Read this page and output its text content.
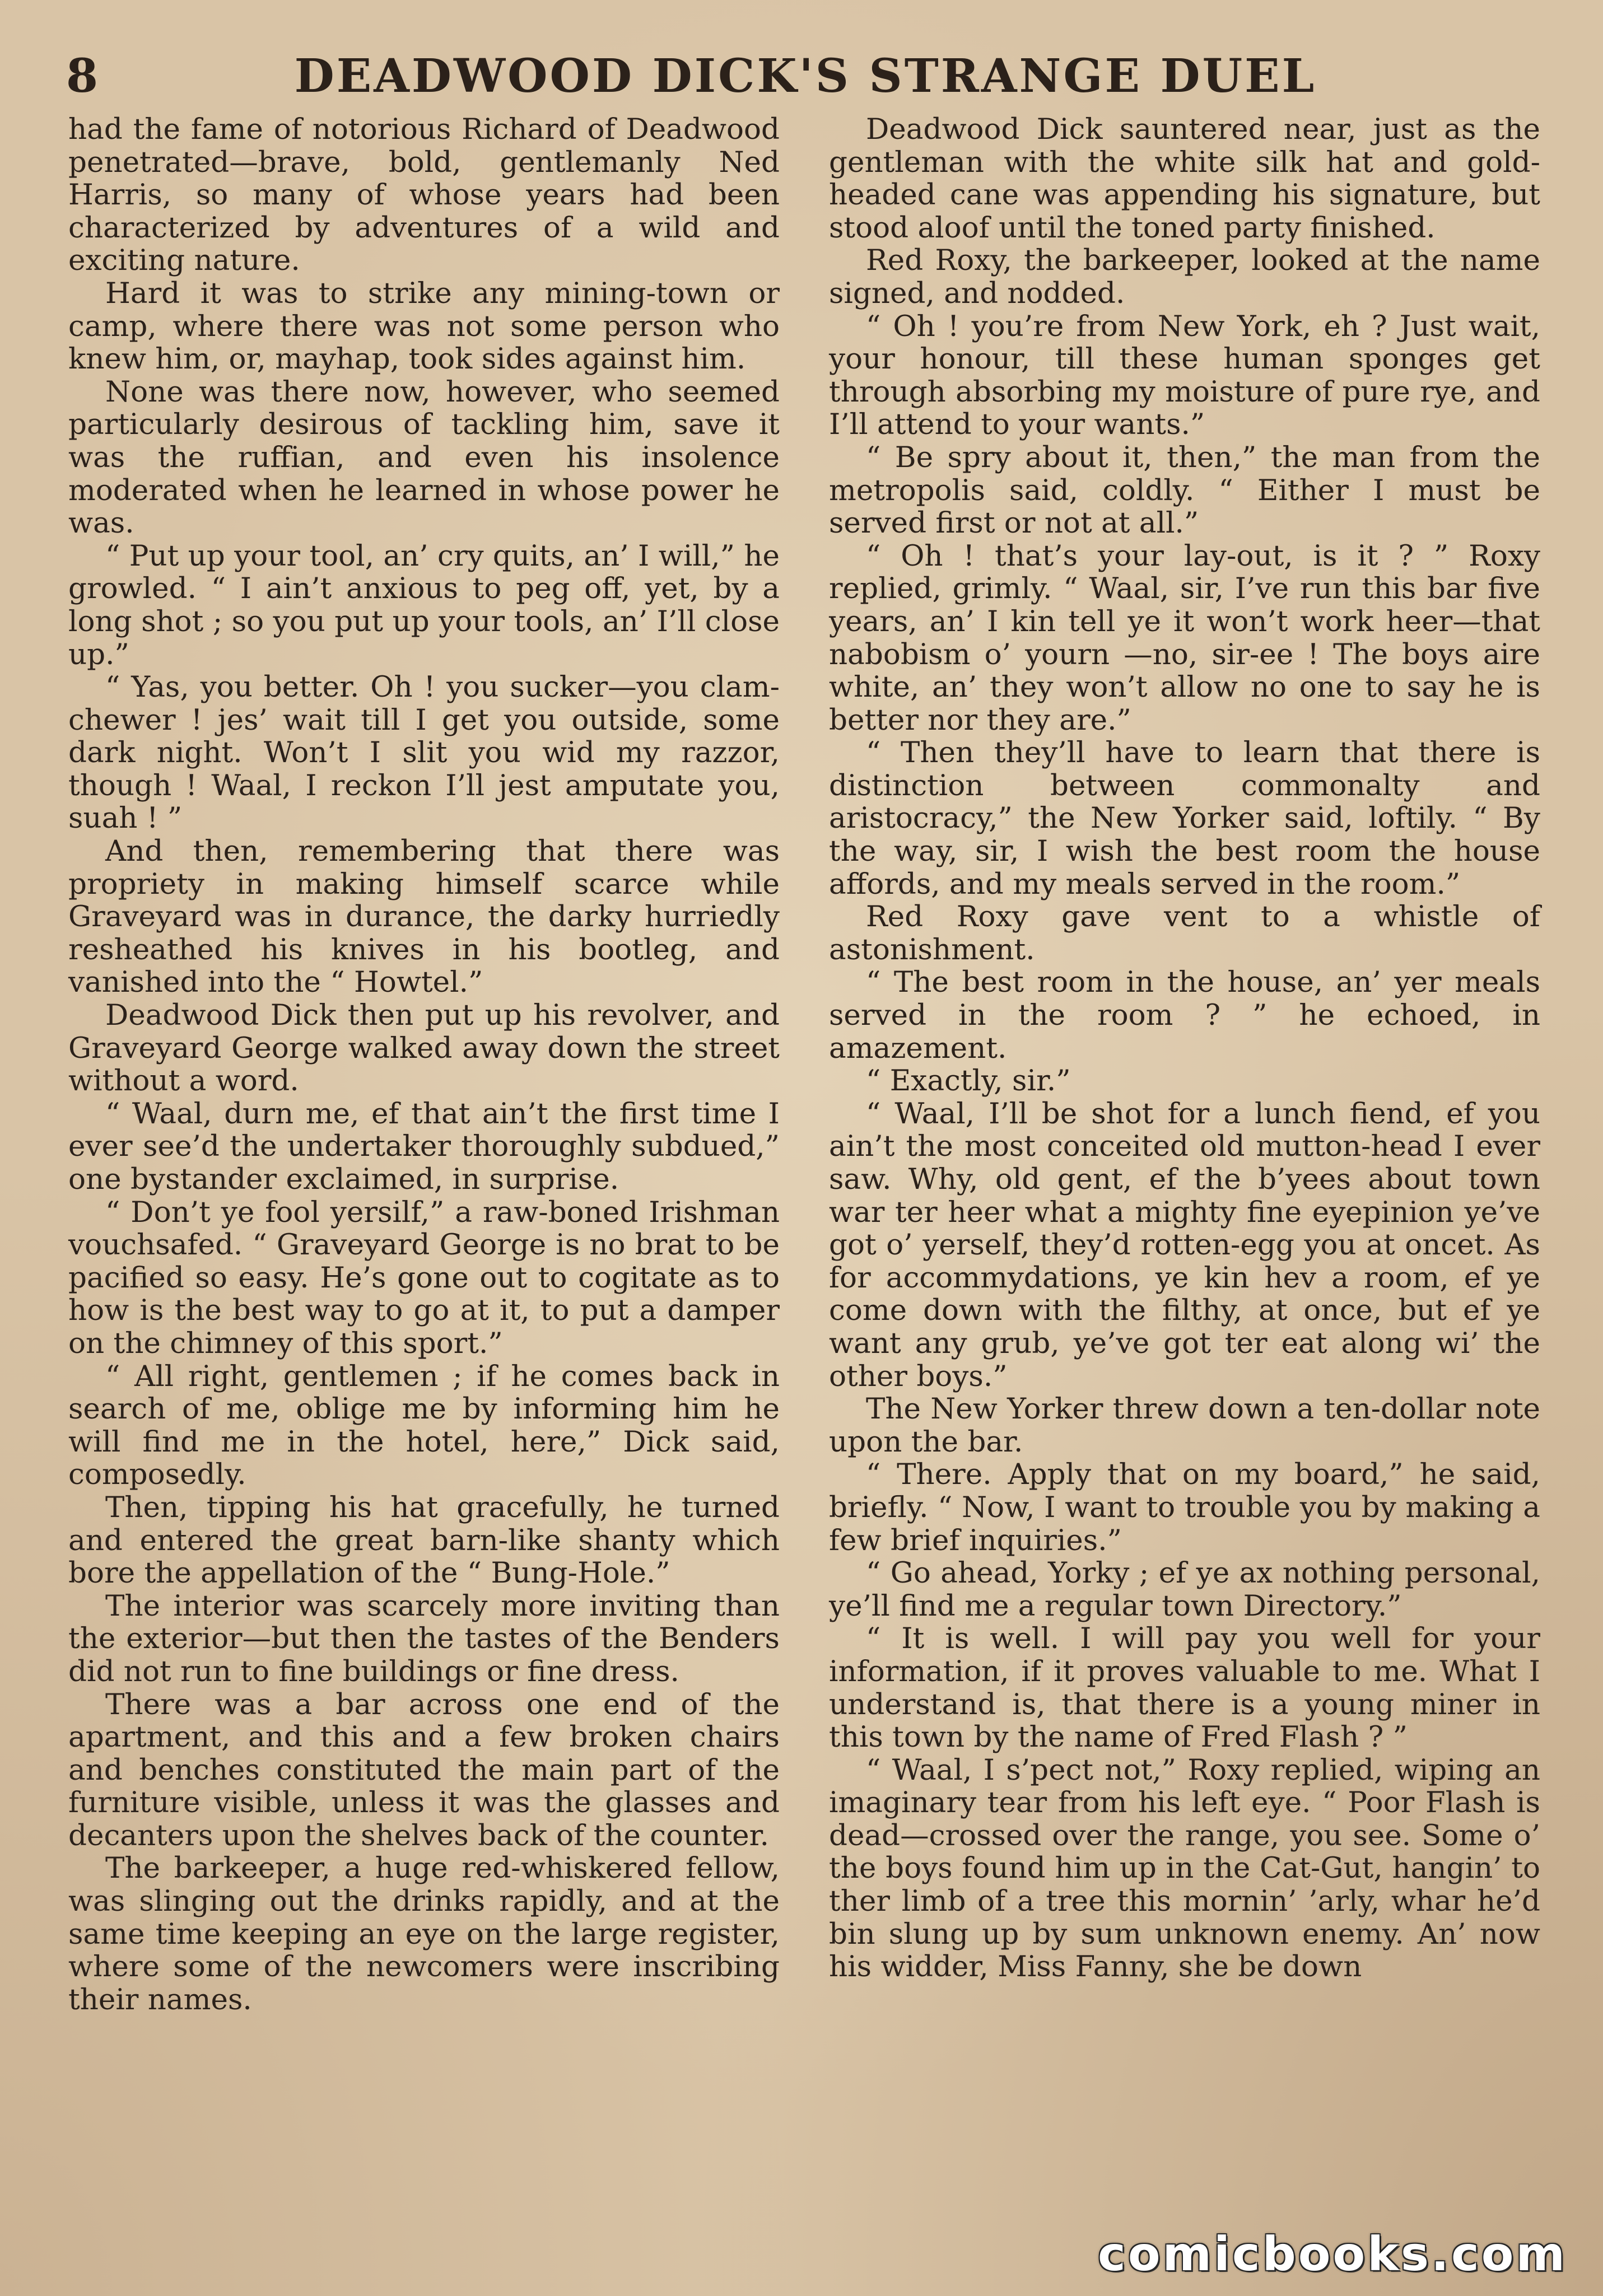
8	DEADWOOD DICK'S STRANGE DUEL

had the fame of notorious Richard of Deadwood penetrated—brave, bold, gentlemanly Ned Harris, so many of whose years had been characterized by adventures of a wild and exciting nature.

Hard it was to strike any mining-town or camp, where there was not some person who knew him, or, mayhap, took sides against him.

None was there now, however, who seemed particularly desirous of tackling him, save it was the ruffian, and even his insolence moderated when he learned in whose power he was.

“ Put up your tool, an’ cry quits, an’ I will,” he growled. “ I ain’t anxious to peg off, yet, by a long shot ; so you put up your tools, an’ I’ll close up.”

“ Yas, you better. Oh ! you sucker—you clam-chewer ! jes’ wait till I get you outside, some dark night. Won’t I slit you wid my razzor, though ! Waal, I reckon I’ll jest amputate you, suah ! ”

And then, remembering that there was propriety in making himself scarce while Graveyard was in durance, the darky hurriedly resheathed his knives in his bootleg, and vanished into the “ Howtel.”

Deadwood Dick then put up his revolver, and Graveyard George walked away down the street without a word.

“ Waal, durn me, ef that ain’t the first time I ever see’d the undertaker thoroughly subdued,” one bystander exclaimed, in surprise.

“ Don’t ye fool yersilf,” a raw-boned Irishman vouchsafed. “ Graveyard George is no brat to be pacified so easy. He’s gone out to cogitate as to how is the best way to go at it, to put a damper on the chimney of this sport.”

“ All right, gentlemen ; if he comes back in search of me, oblige me by informing him he will find me in the hotel, here,” Dick said, composedly.

Then, tipping his hat gracefully, he turned and entered the great barn-like shanty which bore the appellation of the “ Bung-Hole.”

The interior was scarcely more inviting than the exterior—but then the tastes of the Benders did not run to fine buildings or fine dress.

There was a bar across one end of the apartment, and this and a few broken chairs and benches constituted the main part of the furniture visible, unless it was the glasses and decanters upon the shelves back of the counter.

The barkeeper, a huge red-whiskered fellow, was slinging out the drinks rapidly, and at the same time keeping an eye on the large register, where some of the newcomers were inscribing their names.

Deadwood Dick sauntered near, just as the gentleman with the white silk hat and gold-headed cane was appending his signature, but stood aloof until the toned party finished.

Red Roxy, the barkeeper, looked at the name signed, and nodded.

“ Oh ! you’re from New York, eh ? Just wait, your honour, till these human sponges get through absorbing my moisture of pure rye, and I’ll attend to your wants.”

“ Be spry about it, then,” the man from the metropolis said, coldly. “ Either I must be served first or not at all.”

“ Oh ! that’s your lay-out, is it ? ” Roxy replied, grimly. “ Waal, sir, I’ve run this bar five years, an’ I kin tell ye it won’t work heer—that nabobism o’ yourn —no, sir-ee ! The boys aire white, an’ they won’t allow no one to say he is better nor they are.”

“ Then they’ll have to learn that there is distinction between commonalty and aristocracy,” the New Yorker said, loftily. “ By the way, sir, I wish the best room the house affords, and my meals served in the room.”

Red Roxy gave vent to a whistle of astonishment.

“ The best room in the house, an’ yer meals served in the room ? ” he echoed, in amazement.

“ Exactly, sir.”

“ Waal, I’ll be shot for a lunch fiend, ef you ain’t the most conceited old mutton-head I ever saw. Why, old gent, ef the b’yees about town war ter heer what a mighty fine eyepinion ye’ve got o’ yerself, they’d rotten-egg you at oncet. As for accommydations, ye kin hev a room, ef ye come down with the filthy, at once, but ef ye want any grub, ye’ve got ter eat along wi’ the other boys.”

The New Yorker threw down a ten-dollar note upon the bar.

“ There. Apply that on my board,” he said, briefly. “ Now, I want to trouble you by making a few brief inquiries.”

“ Go ahead, Yorky ; ef ye ax nothing personal, ye’ll find me a regular town Directory.”

“ It is well. I will pay you well for your information, if it proves valuable to me. What I understand is, that there is a young miner in this town by the name of Fred Flash ? ”

“ Waal, I s’pect not,” Roxy replied, wiping an imaginary tear from his left eye. “ Poor Flash is dead—crossed over the range, you see. Some o’ the boys found him up in the Cat-Gut, hangin’ to ther limb of a tree this mornin’ ’arly, whar he’d bin slung up by sum unknown enemy. An’ now his widder, Miss Fanny, she be down

comicbooks.com
